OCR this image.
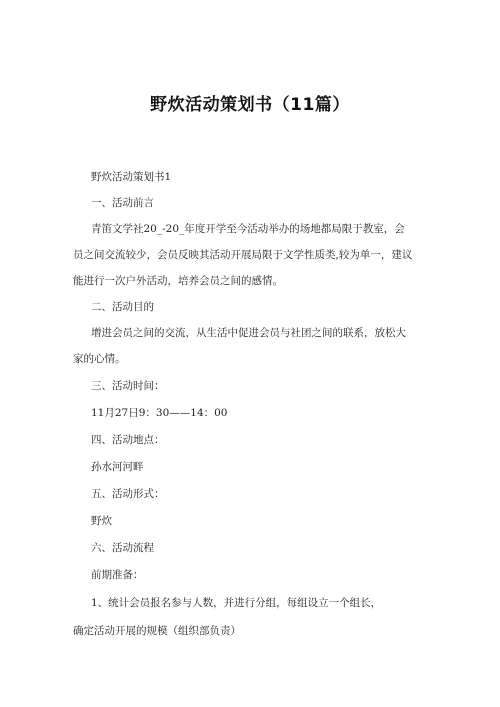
野炊活动策划书（11篇）
野炊活动策划书1
一、活动前言
青笛文学社20_-20_年度开学至今活动举办的场地都局限于教室，会
员之间交流较少，会员反映其活动开展局限于文学性质类,较为单一，建议
能进行一次户外活动，培养会员之间的感情。
二、活动目的
增进会员之间的交流，从生活中促进会员与社团之间的联系，放松大
家的心情。
三、活动时间：
11月27日9：30——14：00
四、活动地点：
孙水河河畔
五、活动形式：
野炊
六、活动流程
前期准备：
1、统计会员报名参与人数，并进行分组，每组设立一个组长，
确定活动开展的规模（组织部负责）
